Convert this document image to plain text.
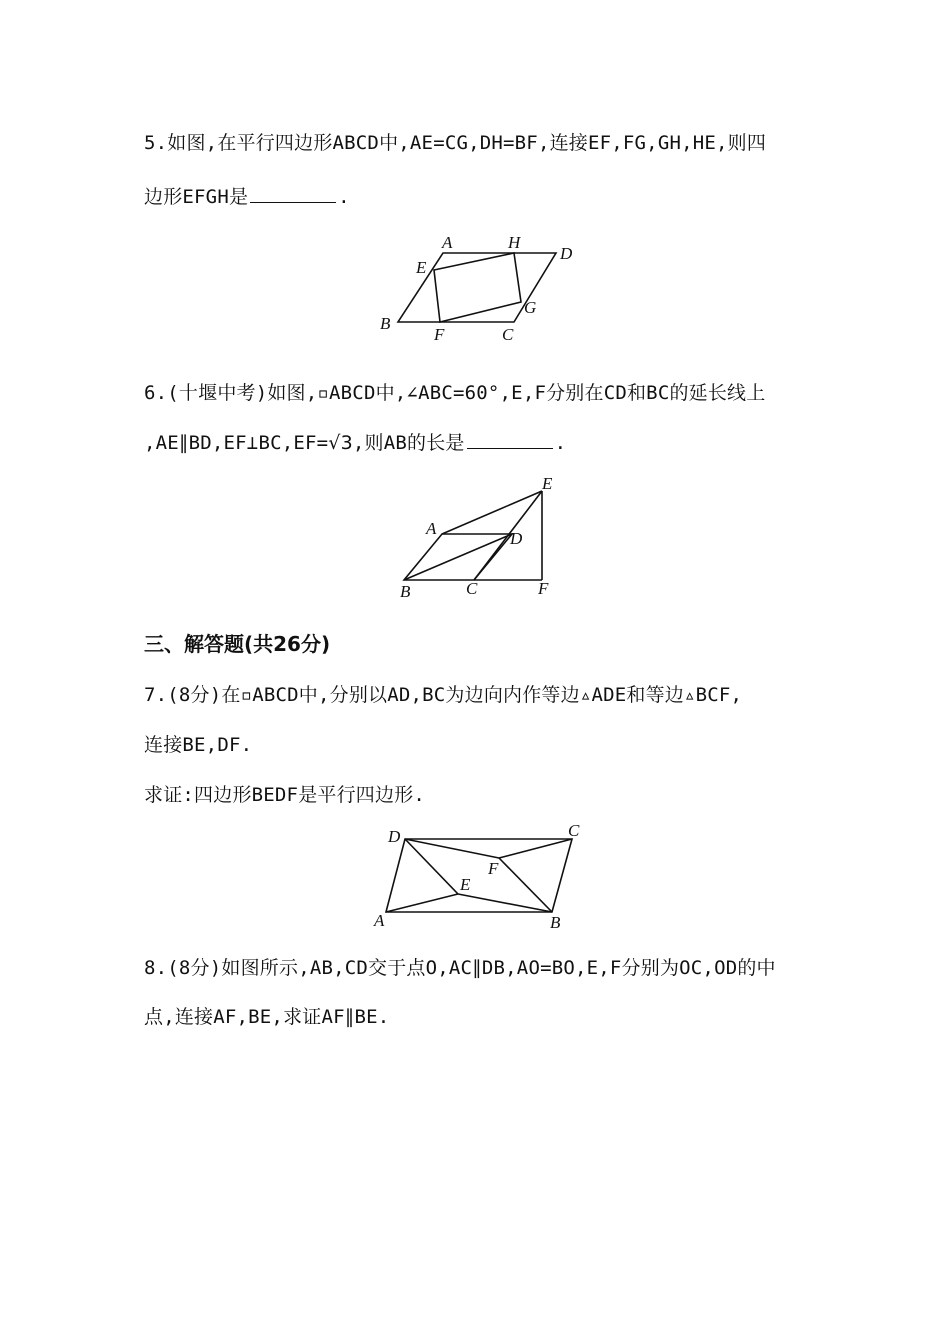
5.如图,在平行四边形ABCD中,AE=CG,DH=BF,连接EF,FG,GH,HE,则四
边形EFGH是	.
A	H
D
E
G
B
F	C
6.(十堰中考)如图,▫ABCD中,∠ABC=60°,E,F分别在CD和BC的延长线上
,AE∥BD,EF⊥BC,EF=√3,则AB的长是	.
A
D
E
B	C	F
三、解答题(共26分)
7.(8分)在▫ABCD中,分别以AD,BC为边向内作等边▵ADE和等边▵BCF,
连接BE,DF.
求证:四边形BEDF是平行四边形.
D	C
F
E
A	B
8.(8分)如图所示,AB,CD交于点O,AC∥DB,AO=BO,E,F分别为OC,OD的中
点,连接AF,BE,求证AF∥BE.
